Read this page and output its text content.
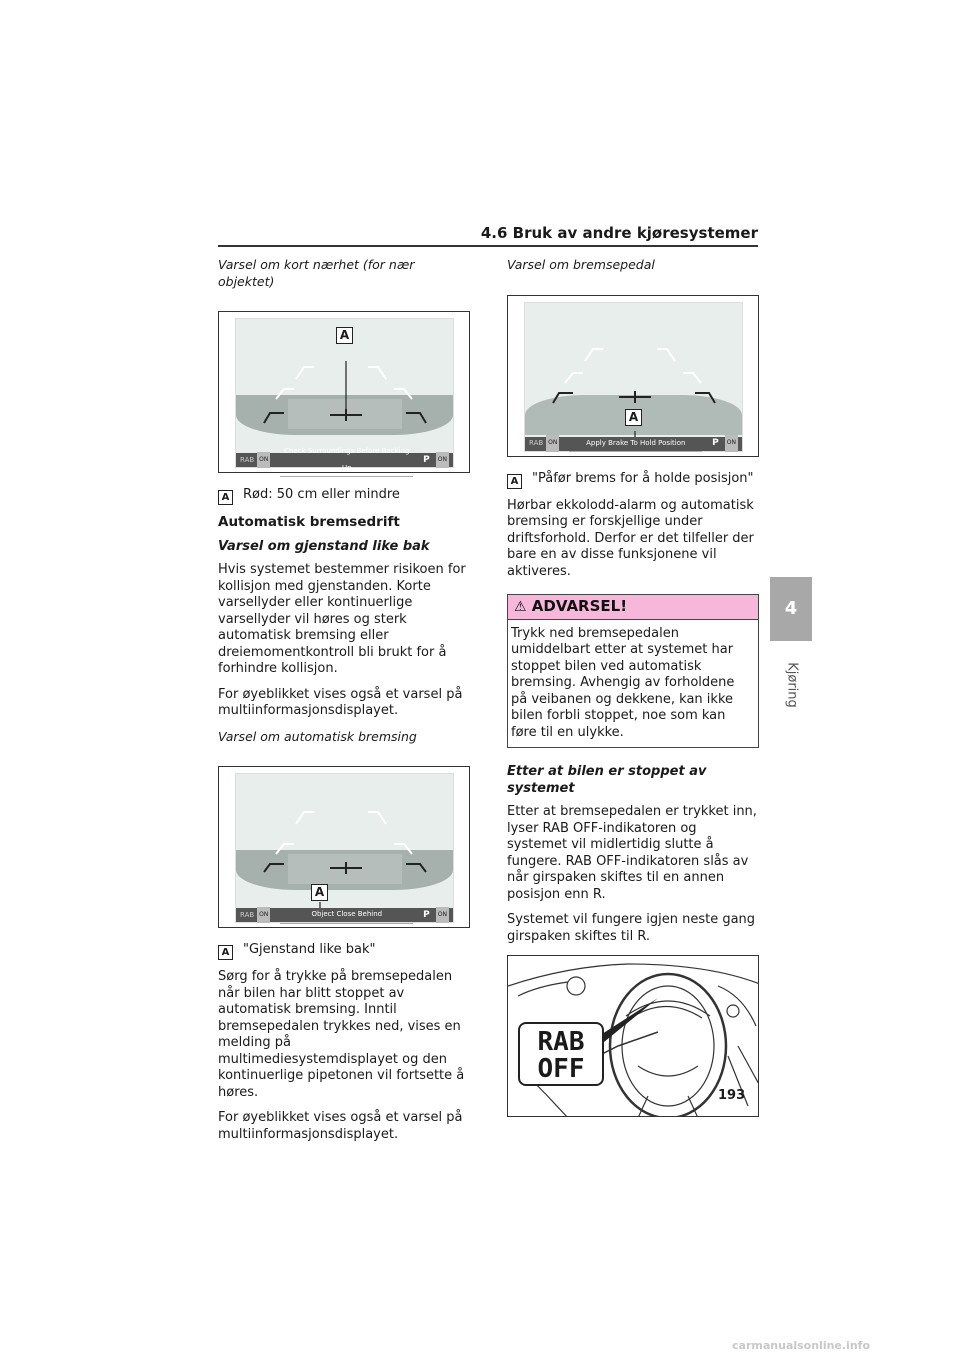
4.6 Bruk av andre kjøresystemer
Varsel om kort nærhet (for nær objektet)
RAB ON
Check Surroundings Before Backing Up
P	ON
A
A Rød: 50 cm eller mindre
Automatisk bremsedrift
Varsel om gjenstand like bak
Hvis systemet bestemmer risikoen for kollisjon med gjenstanden. Korte varsellyder eller kontinuerlige varsellyder vil høres og sterk automatisk bremsing eller dreiemomentkontroll bli brukt for å forhindre kollisjon.
For øyeblikket vises også et varsel på multiinformasjonsdisplayet.
Varsel om automatisk bremsing
RAB ON	Object Close Behind	P	ON
A
A "Gjenstand like bak"
Sørg for å trykke på bremsepedalen når bilen har blitt stoppet av automatisk bremsing. Inntil bremsepedalen trykkes ned, vises en melding på multimediesystemdisplayet og den kontinuerlige pipetonen vil fortsette å høres.
For øyeblikket vises også et varsel på multiinformasjonsdisplayet.
Varsel om bremsepedal
RAB ON	Apply Brake To Hold Position	P	ON
A
A "Påfør brems for å holde posisjon"
Hørbar ekkolodd-alarm og automatisk bremsing er forskjellige under driftsforhold. Derfor er det tilfeller der bare en av disse funksjonene vil aktiveres.
⚠ ADVARSEL!
Trykk ned bremsepedalen umiddelbart etter at systemet har stoppet bilen ved automatisk bremsing. Avhengig av forholdene på veibanen og dekkene, kan ikke bilen forbli stoppet, noe som kan føre til en ulykke.
Etter at bilen er stoppet av systemet
Etter at bremsepedalen er trykket inn, lyser RAB OFF-indikatoren og systemet vil midlertidig slutte å fungere. RAB OFF-indikatoren slås av når girspaken skiftes til en annen posisjon enn R.
Systemet vil fungere igjen neste gang girspaken skiftes til R.
RAB
OFF
4
Kjøring
193
carmanualsonline.info
